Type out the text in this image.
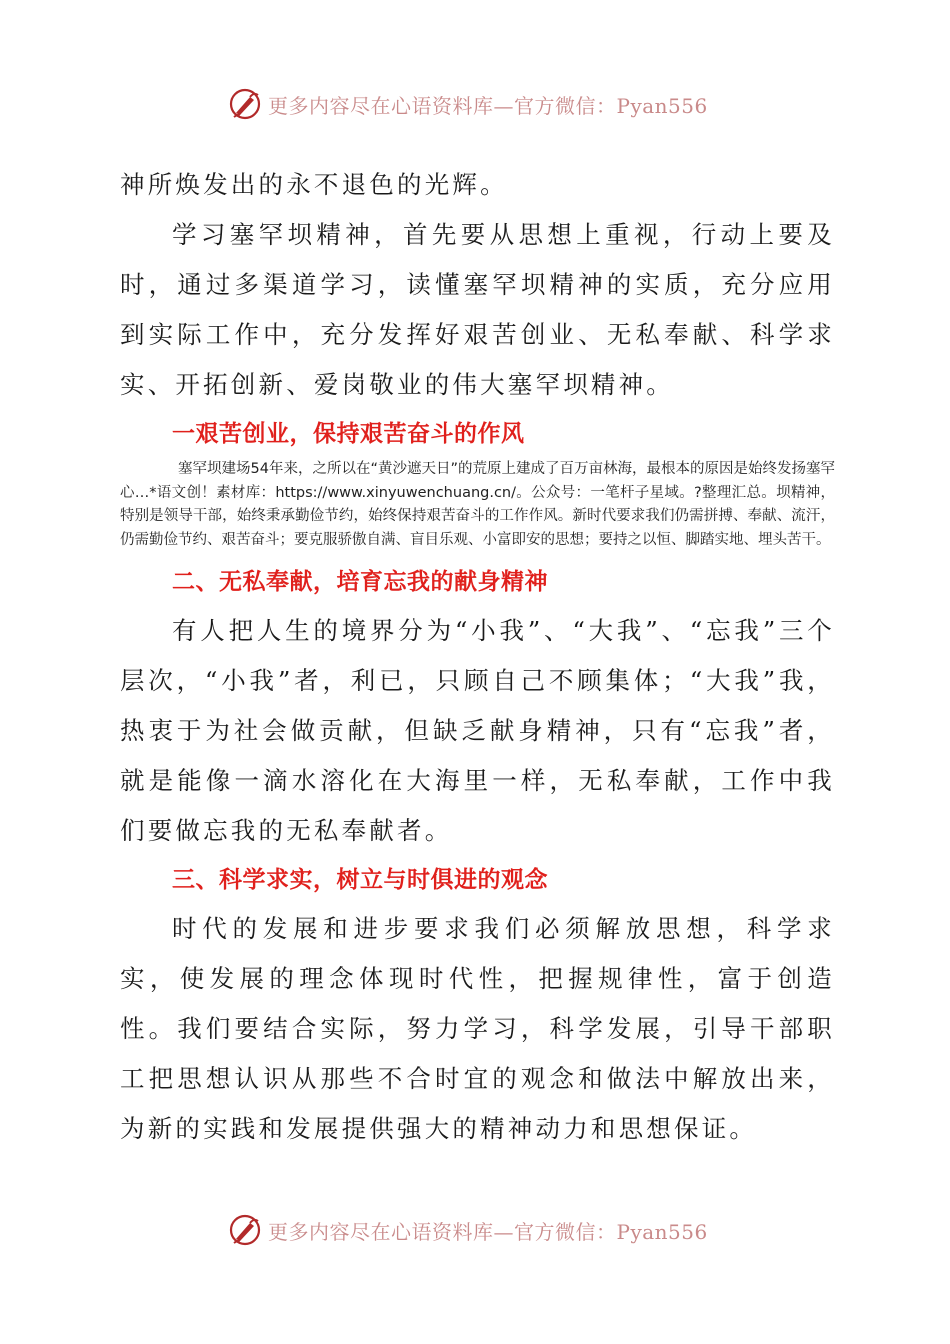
更多内容尽在心语资料库—官方微信：Pyan556

神所焕发出的永不退色的光辉。

学习塞罕坝精神，首先要从思想上重视，行动上要及时，通过多渠道学习，读懂塞罕坝精神的实质，充分应用到实际工作中，充分发挥好艰苦创业、无私奉献、科学求实、开拓创新、爱岗敬业的伟大塞罕坝精神。

一艰苦创业，保持艰苦奋斗的作风

塞罕坝建场54年来，之所以在“黄沙遮天日”的荒原上建成了百万亩林海，最根本的原因是始终发扬塞罕心…*语文创！素材库：https://www.xinyuwenchuang.cn/。公众号：一笔杆子星域。?整理汇总。坝精神，特别是领导干部，始终秉承勤俭节约，始终保持艰苦奋斗的工作作风。新时代要求我们仍需拼搏、奉献、流汗，仍需勤俭节约、艰苦奋斗；要克服骄傲自满、盲目乐观、小富即安的思想；要持之以恒、脚踏实地、埋头苦干。

二、无私奉献，培育忘我的献身精神

有人把人生的境界分为“小我”、“大我”、“忘我”三个层次，“小我”者，利已，只顾自己不顾集体；“大我”我，热衷于为社会做贡献，但缺乏献身精神，只有“忘我”者，就是能像一滴水溶化在大海里一样，无私奉献，工作中我们要做忘我的无私奉献者。

三、科学求实，树立与时俱进的观念

时代的发展和进步要求我们必须解放思想，科学求实，使发展的理念体现时代性，把握规律性，富于创造性。我们要结合实际，努力学习，科学发展，引导干部职工把思想认识从那些不合时宜的观念和做法中解放出来，为新的实践和发展提供强大的精神动力和思想保证。

更多内容尽在心语资料库—官方微信：Pyan556
